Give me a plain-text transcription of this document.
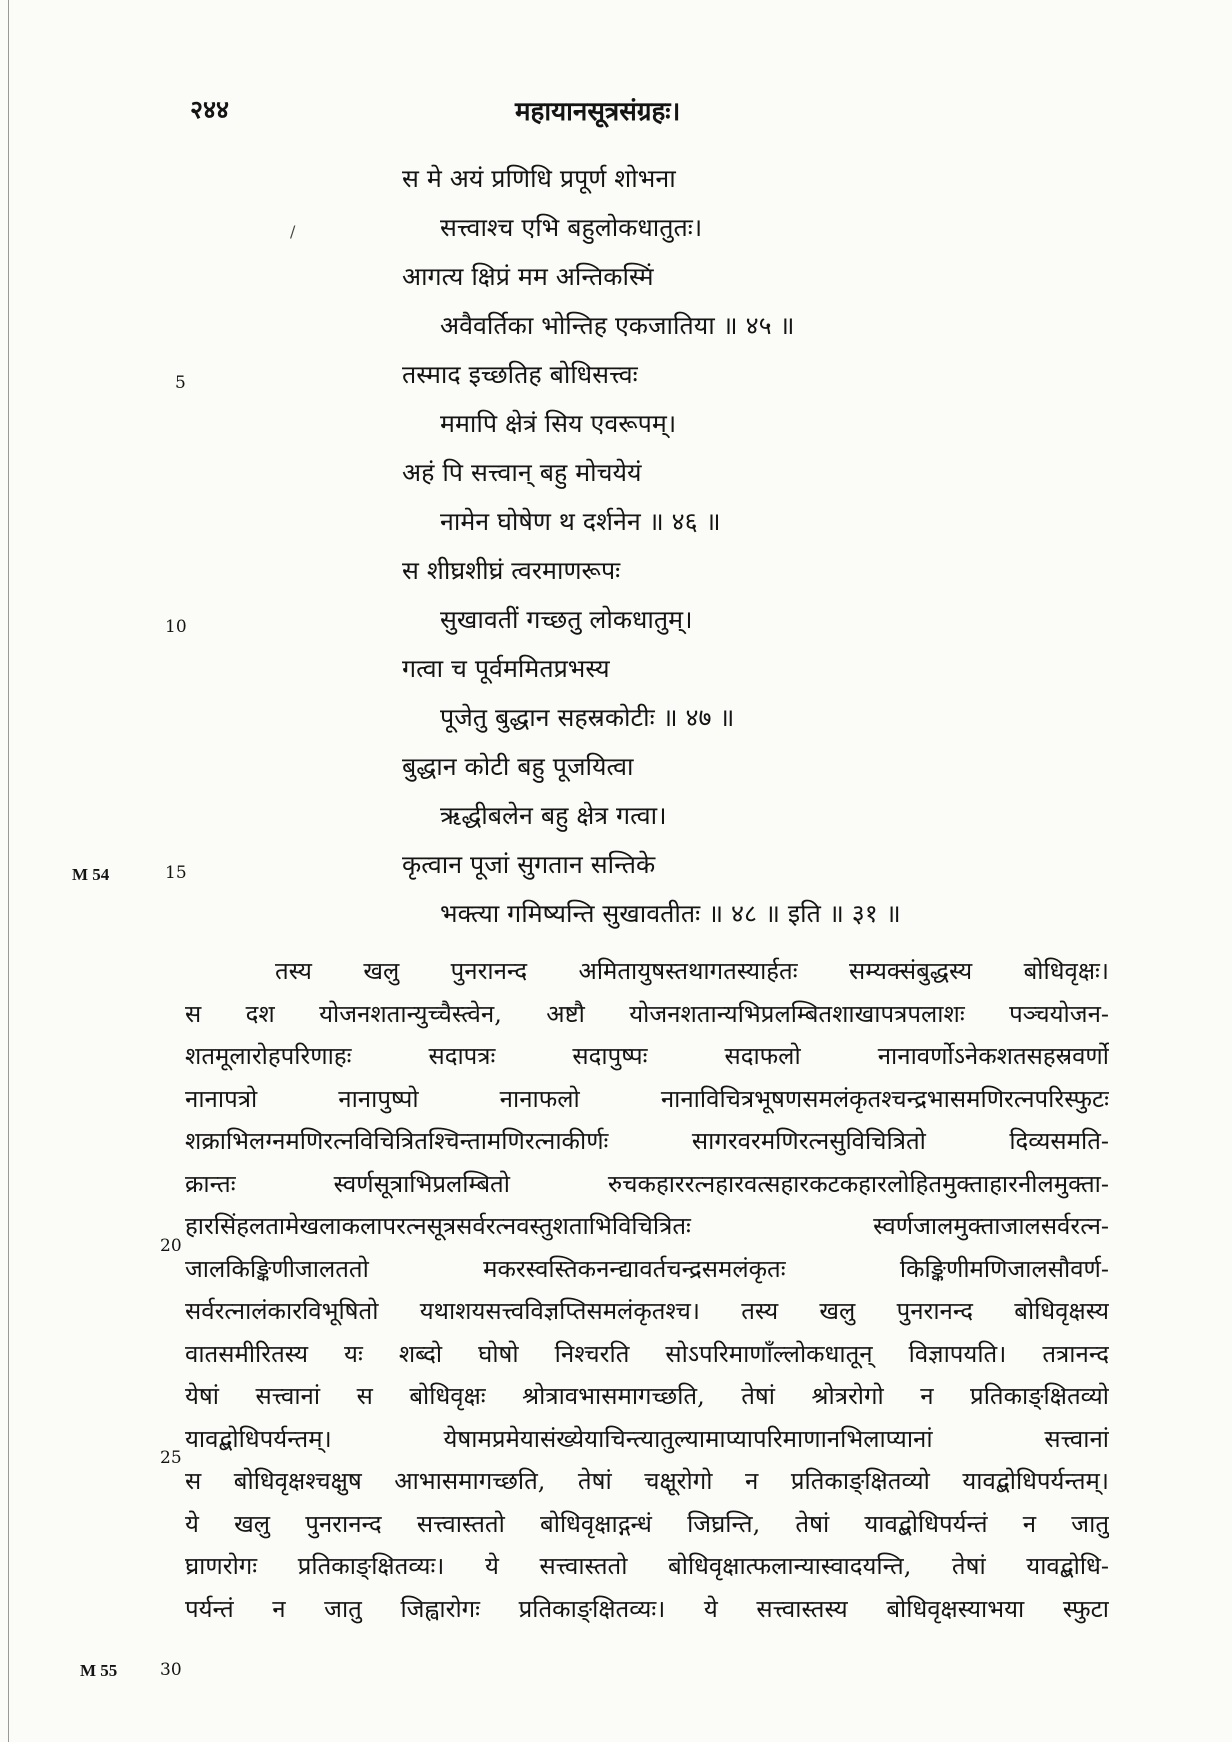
/
२४४	महायानसूत्रसंग्रहः।
स मे अयं प्रणिधि प्रपूर्ण शोभना
सत्त्वाश्च एभि बहुलोकधातुतः।
आगत्य क्षिप्रं मम अन्तिकस्मिं
अवैवर्तिका भोन्तिह एकजातिया ॥ ४५ ॥
तस्माद इच्छतिह बोधिसत्त्वः
ममापि क्षेत्रं सिय एवरूपम्।
अहं पि सत्त्वान् बहु मोचयेयं
नामेन घोषेण थ दर्शनेन ॥ ४६ ॥
स शीघ्रशीघ्रं त्वरमाणरूपः
सुखावतीं गच्छतु लोकधातुम्।
गत्वा च पूर्वममितप्रभस्य
पूजेतु बुद्धान सहस्रकोटीः ॥ ४७ ॥
बुद्धान कोटी बहु पूजयित्वा
ऋद्धीबलेन बहु क्षेत्र गत्वा।
कृत्वान पूजां सुगतान सन्तिके
भक्त्या गमिष्यन्ति सुखावतीतः ॥ ४८ ॥ इति ॥ ३१ ॥
5
10
15
20
25
30
M 54
M 55
तस्य खलु पुनरानन्द अमितायुषस्तथागतस्यार्हतः सम्यक्संबुद्धस्य बोधिवृक्षः।
स दश योजनशतान्युच्चैस्त्वेन, अष्टौ योजनशतान्यभिप्रलम्बितशाखापत्रपलाशः पञ्चयोजन-
शतमूलारोहपरिणाहः सदापत्रः सदापुष्पः सदाफलो नानावर्णोऽनेकशतसहस्रवर्णो
नानापत्रो नानापुष्पो नानाफलो नानाविचित्रभूषणसमलंकृतश्चन्द्रभासमणिरत्नपरिस्फुटः
शक्राभिलग्नमणिरत्नविचित्रितश्चिन्तामणिरत्नाकीर्णः सागरवरमणिरत्नसुविचित्रितो दिव्यसमति-
क्रान्तः स्वर्णसूत्राभिप्रलम्बितो रुचकहाररत्नहारवत्सहारकटकहारलोहितमुक्ताहारनीलमुक्ता-
हारसिंहलतामेखलाकलापरत्नसूत्रसर्वरत्नवस्तुशताभिविचित्रितः स्वर्णजालमुक्ताजालसर्वरत्न-
जालकिङ्किणीजालततो मकरस्वस्तिकनन्द्यावर्तचन्द्रसमलंकृतः किङ्किणीमणिजालसौवर्ण-
सर्वरत्नालंकारविभूषितो यथाशयसत्त्वविज्ञप्तिसमलंकृतश्च। तस्य खलु पुनरानन्द बोधिवृक्षस्य
वातसमीरितस्य यः शब्दो घोषो निश्चरति सोऽपरिमाणाँल्लोकधातून् विज्ञापयति। तत्रानन्द
येषां सत्त्वानां स बोधिवृक्षः श्रोत्रावभासमागच्छति, तेषां श्रोत्ररोगो न प्रतिकाङ्क्षितव्यो
यावद्बोधिपर्यन्तम्। येषामप्रमेयासंख्येयाचिन्त्यातुल्यामाप्यापरिमाणानभिलाप्यानां सत्त्वानां
स बोधिवृक्षश्चक्षुष आभासमागच्छति, तेषां चक्षूरोगो न प्रतिकाङ्क्षितव्यो यावद्बोधिपर्यन्तम्।
ये खलु पुनरानन्द सत्त्वास्ततो बोधिवृक्षाद्गन्धं जिघ्रन्ति, तेषां यावद्बोधिपर्यन्तं न जातु
घ्राणरोगः प्रतिकाङ्क्षितव्यः। ये सत्त्वास्ततो बोधिवृक्षात्फलान्यास्वादयन्ति, तेषां यावद्बोधि-
पर्यन्तं न जातु जिह्वारोगः प्रतिकाङ्क्षितव्यः। ये सत्त्वास्तस्य बोधिवृक्षस्याभया स्फुटा
